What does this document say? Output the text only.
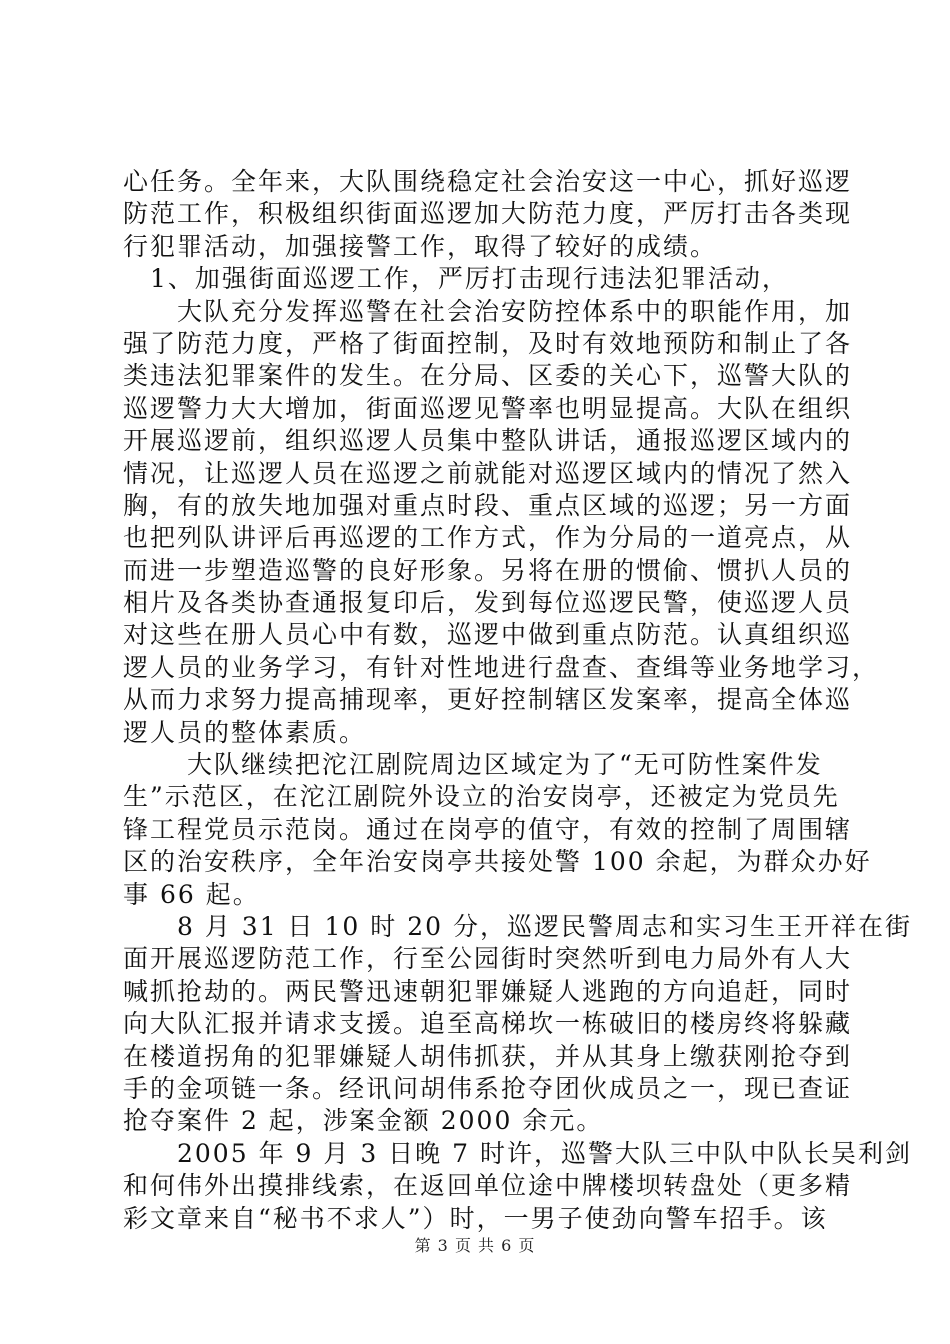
心任务。全年来，大队围绕稳定社会治安这一中心，抓好巡逻
防范工作，积极组织街面巡逻加大防范力度，严厉打击各类现
行犯罪活动，加强接警工作，取得了较好的成绩。
　1、加强街面巡逻工作，严厉打击现行违法犯罪活动，
　　大队充分发挥巡警在社会治安防控体系中的职能作用，加
强了防范力度，严格了街面控制，及时有效地预防和制止了各
类违法犯罪案件的发生。在分局、区委的关心下，巡警大队的
巡逻警力大大增加，街面巡逻见警率也明显提高。大队在组织
开展巡逻前，组织巡逻人员集中整队讲话，通报巡逻区域内的
情况，让巡逻人员在巡逻之前就能对巡逻区域内的情况了然入
胸，有的放失地加强对重点时段、重点区域的巡逻；另一方面
也把列队讲评后再巡逻的工作方式，作为分局的一道亮点，从
而进一步塑造巡警的良好形象。另将在册的惯偷、惯扒人员的
相片及各类协查通报复印后，发到每位巡逻民警，使巡逻人员
对这些在册人员心中有数，巡逻中做到重点防范。认真组织巡
逻人员的业务学习，有针对性地进行盘查、查缉等业务地学习，
从而力求努力提高捕现率，更好控制辖区发案率，提高全体巡
逻人员的整体素质。
　　 大队继续把沱江剧院周边区域定为了“无可防性案件发
生”示范区，在沱江剧院外设立的治安岗亭，还被定为党员先
锋工程党员示范岗。通过在岗亭的值守，有效的控制了周围辖
区的治安秩序，全年治安岗亭共接处警 100 余起，为群众办好
事 66 起。
　　8 月 31 日 10 时 20 分，巡逻民警周志和实习生王开祥在街
面开展巡逻防范工作，行至公园街时突然听到电力局外有人大
喊抓抢劫的。两民警迅速朝犯罪嫌疑人逃跑的方向追赶，同时
向大队汇报并请求支援。追至高梯坎一栋破旧的楼房终将躲藏
在楼道拐角的犯罪嫌疑人胡伟抓获，并从其身上缴获刚抢夺到
手的金项链一条。经讯问胡伟系抢夺团伙成员之一，现已查证
抢夺案件 2 起，涉案金额 2000 余元。
　　2005 年 9 月 3 日晚 7 时许，巡警大队三中队中队长吴利剑
和何伟外出摸排线索，在返回单位途中牌楼坝转盘处（更多精
彩文章来自“秘书不求人”）时，一男子使劲向警车招手。该
第 3 页 共 6 页
